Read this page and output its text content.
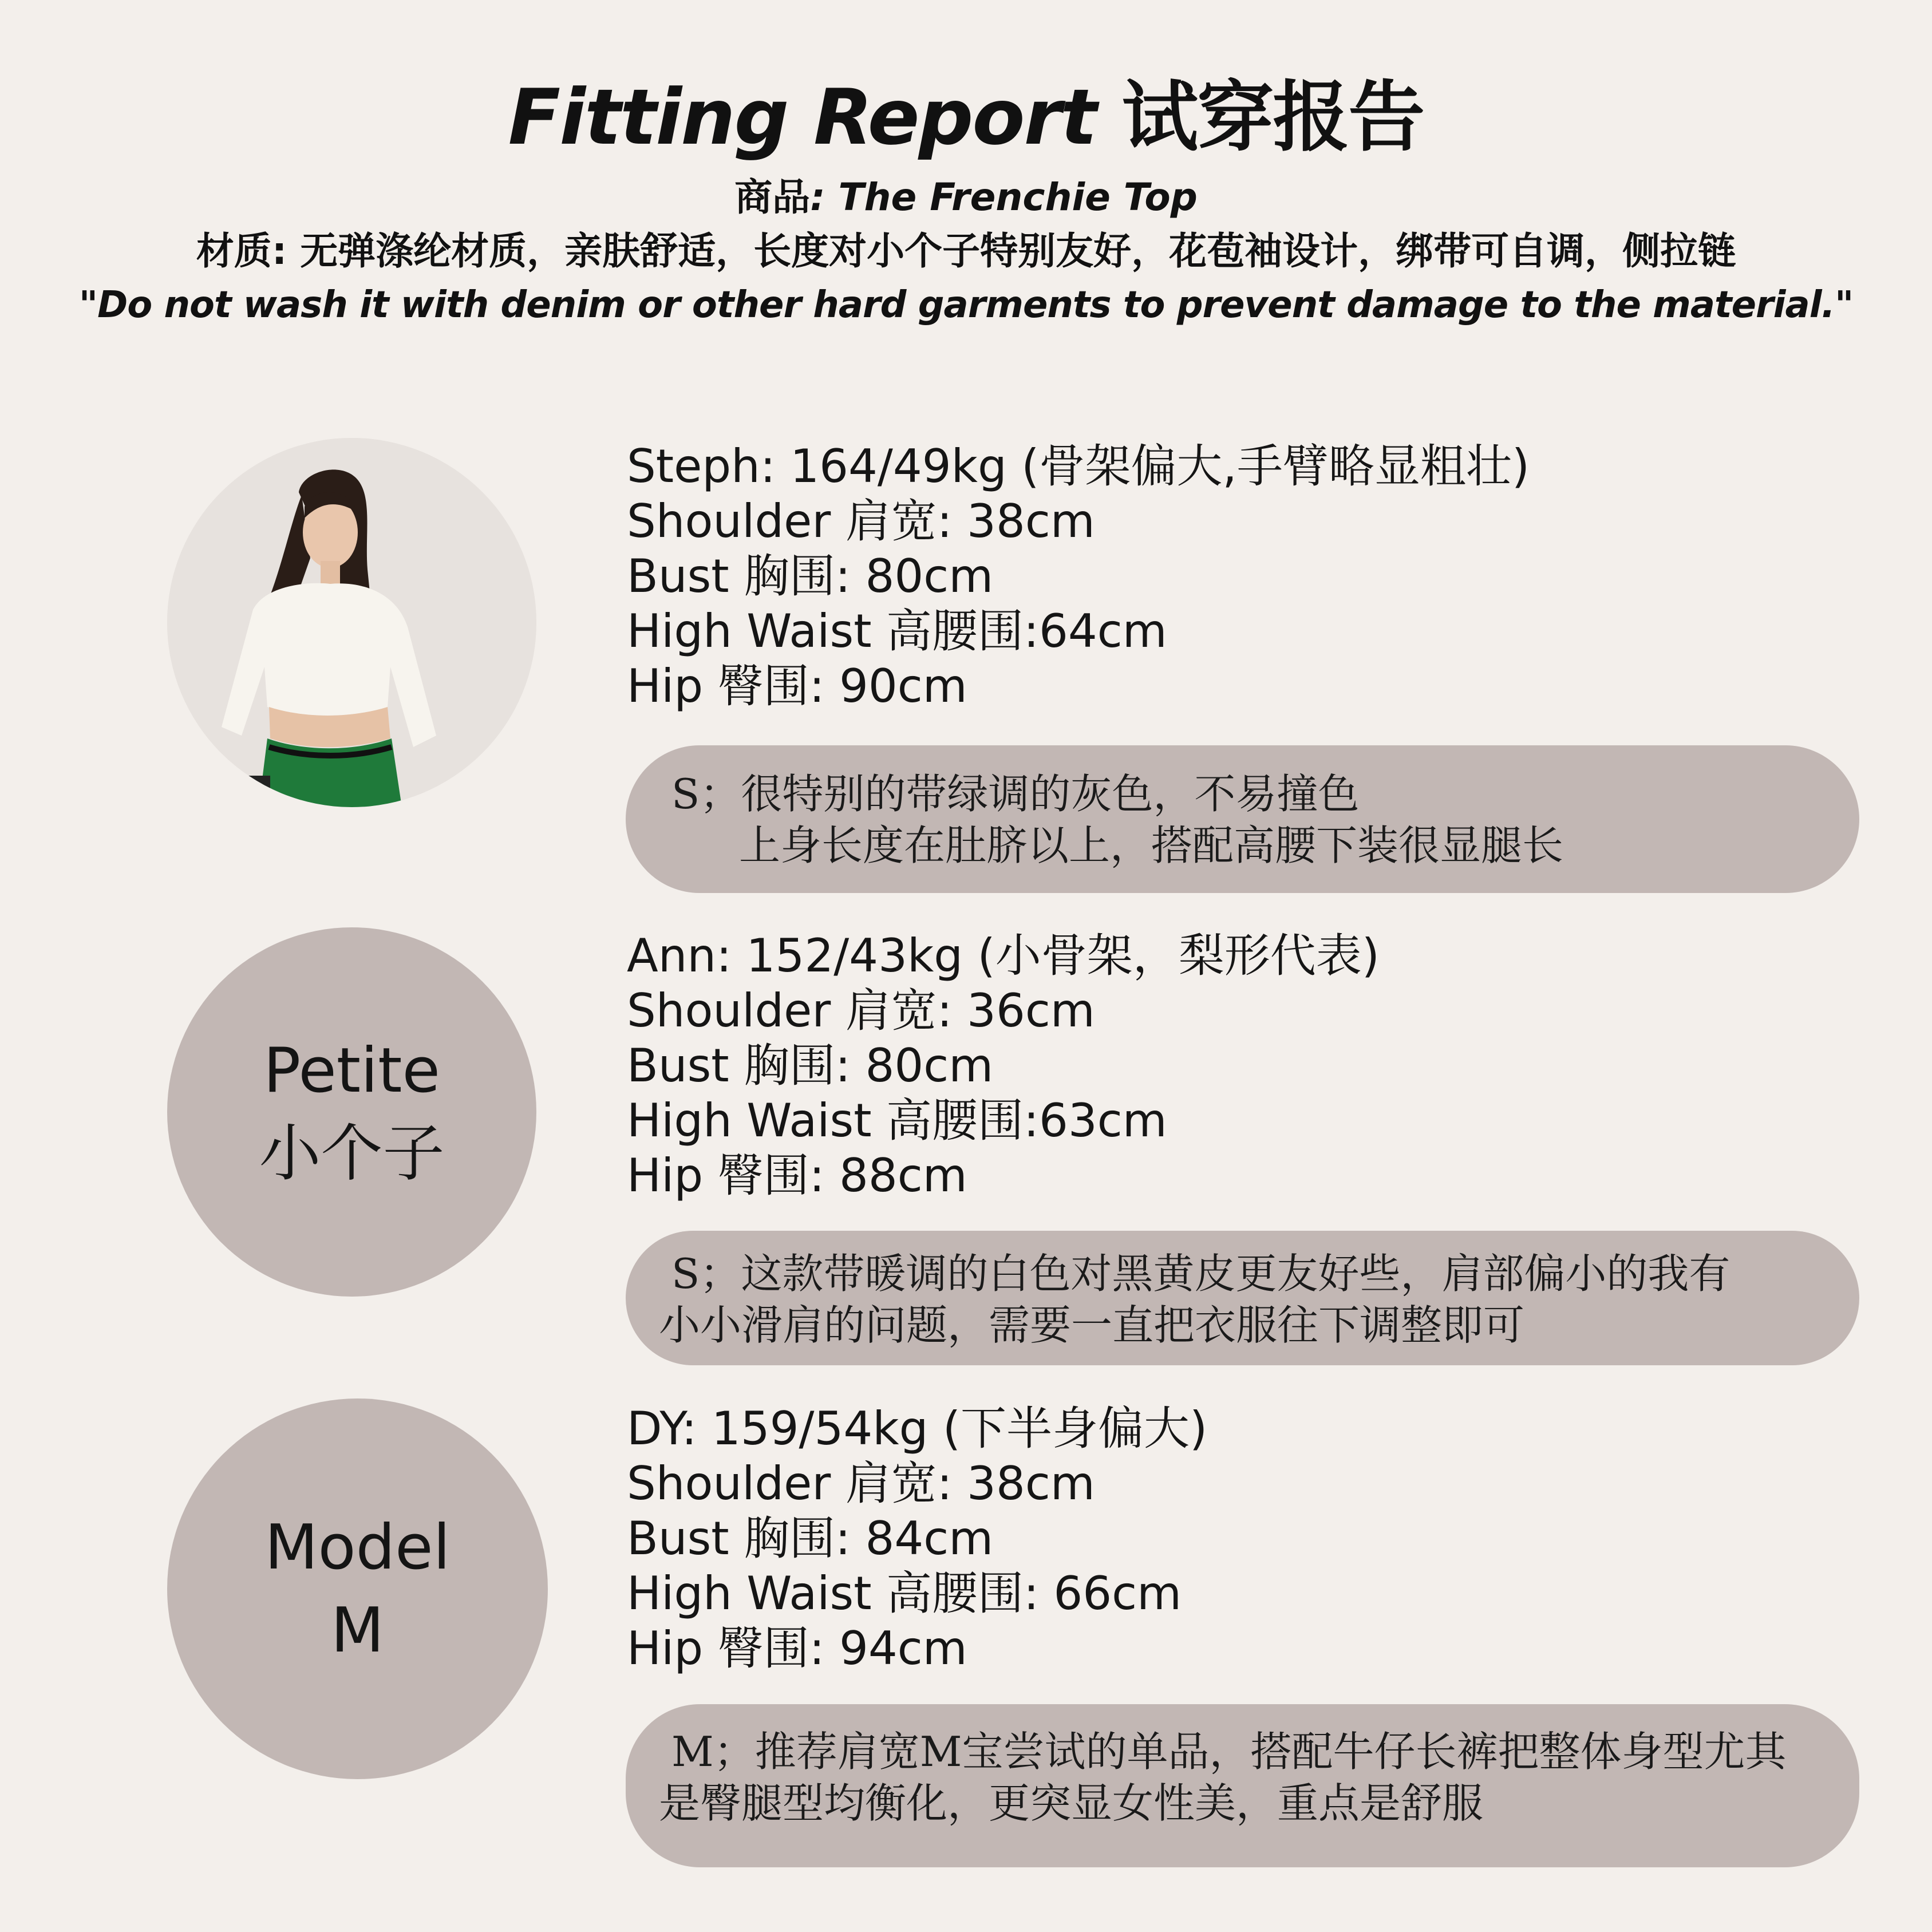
Fitting Report 试穿报告
商品: The Frenchie Top
材质: 无弹涤纶材质，亲肤舒适，长度对小个子特别友好，花苞袖设计，绑带可自调，侧拉链
"Do not wash it with denim or other hard garments to prevent damage to the material."
Steph: 164/49kg (骨架偏大,手臂略显粗壮)
Shoulder 肩宽: 38cm
Bust 胸围: 80cm
High Waist 高腰围:64cm
Hip 臀围: 90cm
S；很特别的带绿调的灰色，不易撞色
上身长度在肚脐以上，搭配高腰下装很显腿长
Petite
小个子
Ann: 152/43kg (小骨架，梨形代表)
Shoulder 肩宽: 36cm
Bust 胸围: 80cm
High Waist 高腰围:63cm
Hip 臀围: 88cm
S；这款带暖调的白色对黑黄皮更友好些，肩部偏小的我有
小小滑肩的问题，需要一直把衣服往下调整即可
Model
M
DY: 159/54kg (下半身偏大)
Shoulder 肩宽: 38cm
Bust 胸围: 84cm
High Waist 高腰围: 66cm
Hip 臀围: 94cm
M；推荐肩宽M宝尝试的单品，搭配牛仔长裤把整体身型尤其
是臀腿型均衡化，更突显女性美，重点是舒服
